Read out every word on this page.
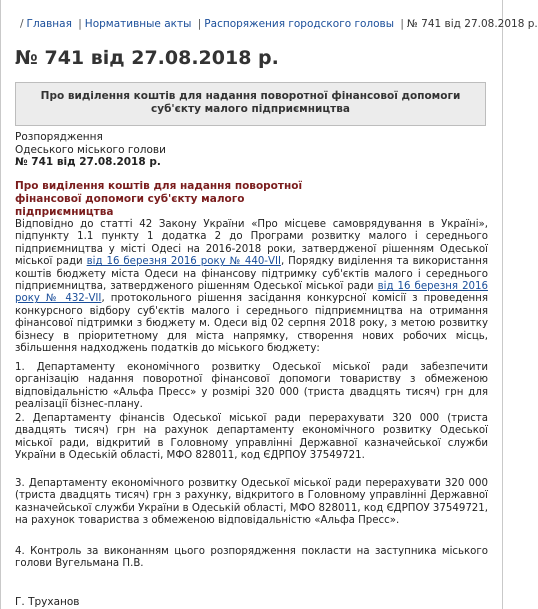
/ Главная | Нормативные акты | Распоряжения городского головы | № 741 від 27.08.2018 р.
№ 741 від 27.08.2018 р.
Про виділення коштів для надання поворотної фінансової допомоги суб'єкту малого підприємництва
Розпорядження
Одеського міського голови
№ 741 від 27.08.2018 р.
Про виділення коштів для надання поворотної
фінансової допомоги суб'єкту малого підприємництва
Відповідно до статті 42 Закону України «Про місцеве самоврядування в Україні», підпункту 1.1 пункту 1 додатка 2 до Програми розвитку малого і середнього підприємництва у місті Одесі на 2016-2018 роки, затвердженої рішенням Одеської міської ради від 16 березня 2016 року № 440-VII, Порядку виділення та використання коштів бюджету міста Одеси на фінансову підтримку суб'єктів малого і середнього підприємництва, затвердженого рішенням Одеської міської ради від 16 березня 2016 року № 432-VII, протокольного рішення засідання конкурсної комісії з проведення конкурсного відбору суб'єктів малого і середнього підприємництва на отримання фінансової підтримки з бюджету м. Одеси від 02 серпня 2018 року, з метою розвитку бізнесу в пріоритетному для міста напрямку, створення нових робочих місць, збільшення надходжень податків до міського бюджету:
1. Департаменту економічного розвитку Одеської міської ради забезпечити організацію надання поворотної фінансової допомоги товариству з обмеженою відповідальністю «Альфа Пресс» у розмірі 320 000 (триста двадцять тисяч) грн для реалізації бізнес-плану.
2. Департаменту фінансів Одеської міської ради перерахувати 320 000 (триста двадцять тисяч) грн на рахунок департаменту економічного розвитку Одеської міської ради, відкритий в Головному управлінні Державної казначейської служби України в Одеській області, МФО 828011, код ЄДРПОУ 37549721.
3. Департаменту економічного розвитку Одеської міської ради перерахувати 320 000 (триста двадцять тисяч) грн з рахунку, відкритого в Головному управлінні Державної казначейської служби України в Одеській області, МФО 828011, код ЄДРПОУ 37549721, на рахунок товариства з обмеженою відповідальністю «Альфа Пресс».
4. Контроль за виконанням цього розпорядження покласти на заступника міського голови Вугельмана П.В.
Г. Труханов
